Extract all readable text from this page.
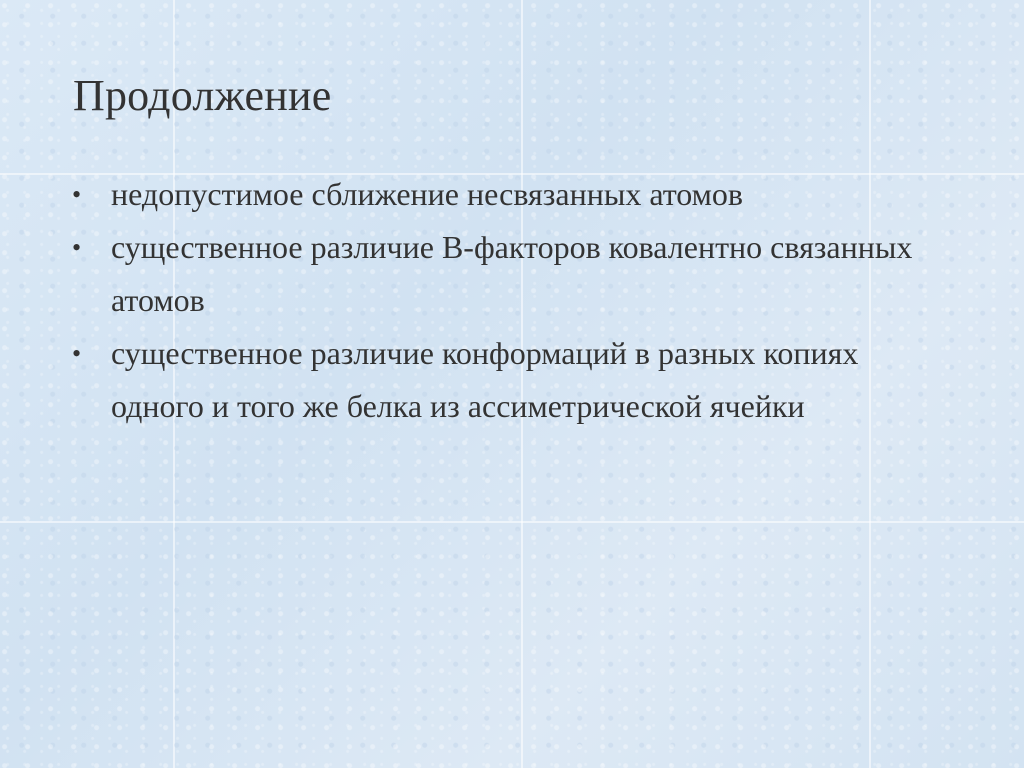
Продолжение
• недопустимое сближение несвязанных атомов
• существенное различие B-факторов ковалентно связанных атомов
• существенное различие конформаций в разных копиях одного и того же белка из ассиметрической ячейки
